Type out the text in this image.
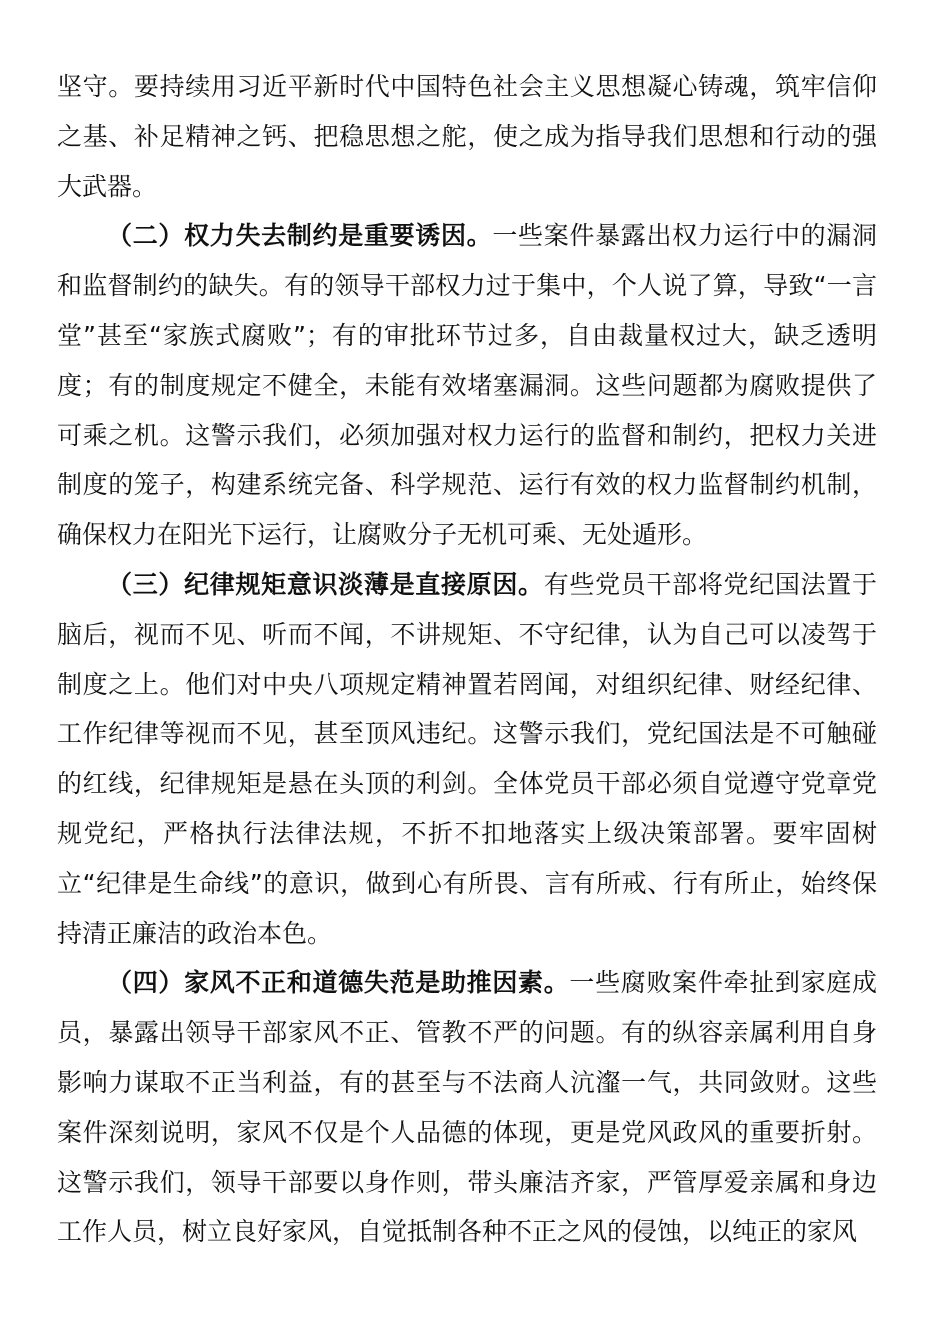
坚守。要持续用习近平新时代中国特色社会主义思想凝心铸魂，筑牢信仰之基、补足精神之钙、把稳思想之舵，使之成为指导我们思想和行动的强大武器。

（二）权力失去制约是重要诱因。一些案件暴露出权力运行中的漏洞和监督制约的缺失。有的领导干部权力过于集中，个人说了算，导致“一言堂”甚至“家族式腐败”；有的审批环节过多，自由裁量权过大，缺乏透明度；有的制度规定不健全，未能有效堵塞漏洞。这些问题都为腐败提供了可乘之机。这警示我们，必须加强对权力运行的监督和制约，把权力关进制度的笼子，构建系统完备、科学规范、运行有效的权力监督制约机制，确保权力在阳光下运行，让腐败分子无机可乘、无处遁形。

（三）纪律规矩意识淡薄是直接原因。有些党员干部将党纪国法置于脑后，视而不见、听而不闻，不讲规矩、不守纪律，认为自己可以凌驾于制度之上。他们对中央八项规定精神置若罔闻，对组织纪律、财经纪律、工作纪律等视而不见，甚至顶风违纪。这警示我们，党纪国法是不可触碰的红线，纪律规矩是悬在头顶的利剑。全体党员干部必须自觉遵守党章党规党纪，严格执行法律法规，不折不扣地落实上级决策部署。要牢固树立“纪律是生命线”的意识，做到心有所畏、言有所戒、行有所止，始终保持清正廉洁的政治本色。

（四）家风不正和道德失范是助推因素。一些腐败案件牵扯到家庭成员，暴露出领导干部家风不正、管教不严的问题。有的纵容亲属利用自身影响力谋取不正当利益，有的甚至与不法商人沆瀣一气，共同敛财。这些案件深刻说明，家风不仅是个人品德的体现，更是党风政风的重要折射。这警示我们，领导干部要以身作则，带头廉洁齐家，严管厚爱亲属和身边工作人员，树立良好家风，自觉抵制各种不正之风的侵蚀，以纯正的家风
